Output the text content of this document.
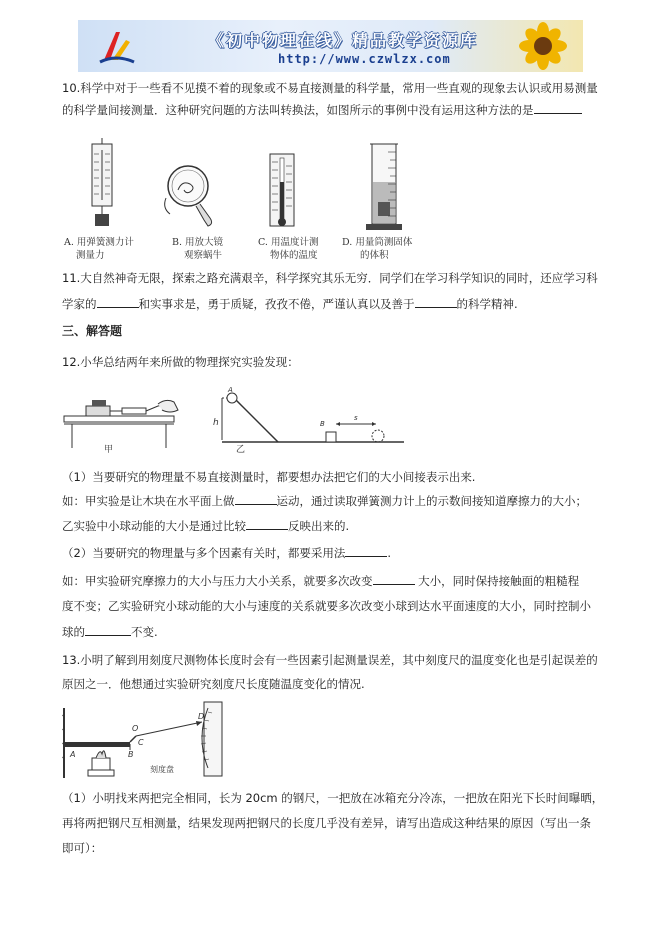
《初中物理在线》精品教学资源库
http://www.czwlzx.com
10.科学中对于一些看不见摸不着的现象或不易直接测量的科学量，常用一些直观的现象去认识或用易测量
的科学量间接测量．这种研究问题的方法叫转换法，如图所示的事例中没有运用这种方法的是
A. 用弹簧测力计
测量力
B. 用放大镜
观察蜗牛
C. 用温度计测
物体的温度
D. 用量筒测固体
的体积
11.大自然神奇无限，探索之路充满艰辛，科学探究其乐无穷．同学们在学习科学知识的同时，还应学习科
学家的	和实事求是，勇于质疑，孜孜不倦，严谨认真以及善于	的科学精神.
三、解答题
12.小华总结两年来所做的物理探究实验发现：
甲
A
h	B
s
乙
（1）当要研究的物理量不易直接测量时，都要想办法把它们的大小间接表示出来.
如：甲实验是让木块在水平面上做	运动，通过读取弹簧测力计上的示数间接知道摩擦力的大小；
乙实验中小球动能的大小是通过比较	反映出来的.
（2）当要研究的物理量与多个因素有关时，都要采用法	.
如：甲实验研究摩擦力的大小与压力大小关系，就要多次改变	大小，同时保持接触面的粗糙程
度不变；乙实验研究小球动能的大小与速度的关系就要多次改变小球到达水平面速度的大小，同时控制小
球的	不变.
13.小明了解到用刻度尺测物体长度时会有一些因素引起测量误差，其中刻度尺的温度变化也是引起误差的
原因之一．他想通过实验研究刻度尺长度随温度变化的情况.
A	B
C
O
D
刻度盘
（1）小明找来两把完全相同，长为 20cm 的钢尺，一把放在冰箱充分冷冻，一把放在阳光下长时间曝晒，
再将两把钢尺互相测量，结果发现两把钢尺的长度几乎没有差异，请写出造成这种结果的原因（写出一条
即可）：
